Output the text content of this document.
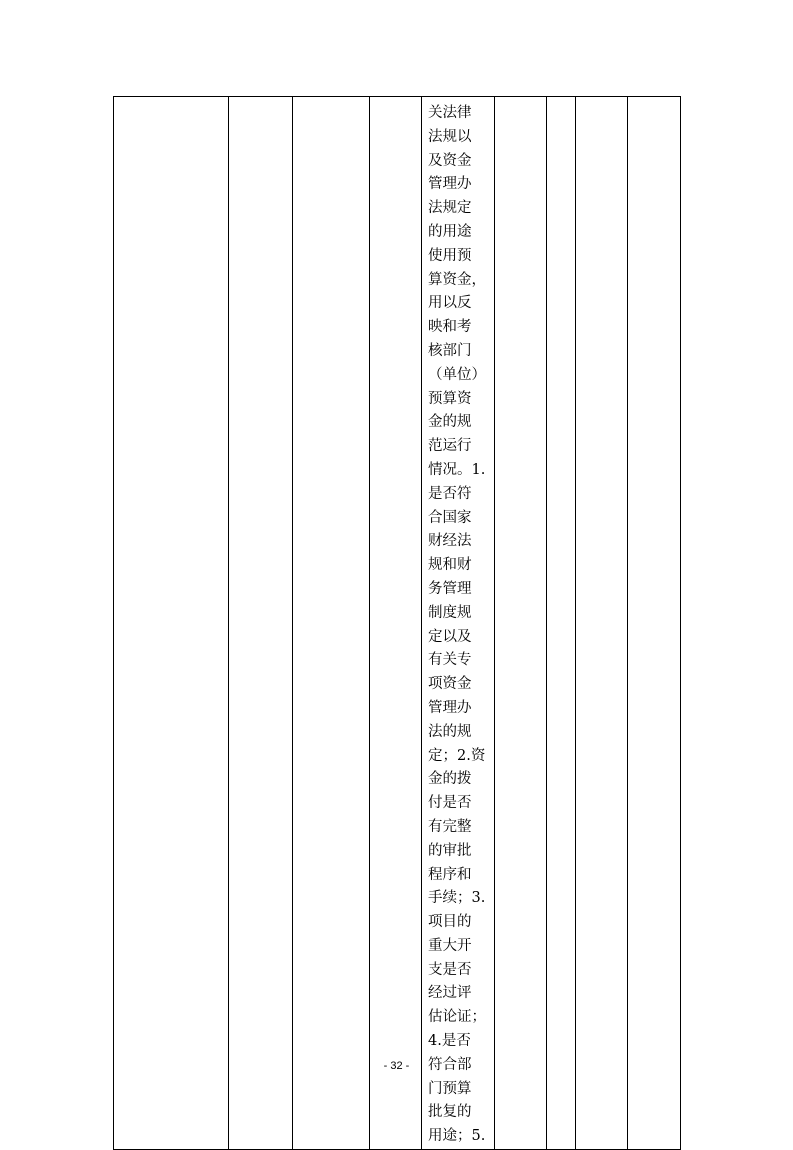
关法律
法规以
及资金
管理办
法规定
的用途
使用预
算资金，
用以反
映和考
核部门
（单位）
预算资
金的规
范运行
情况。1.
是否符
合国家
财经法
规和财
务管理
制度规
定以及
有关专
项资金
管理办
法的规
定；2.资
金的拨
付是否
有完整
的审批
程序和
手续；3.
项目的
重大开
支是否
经过评
估论证；
4.是否
符合部
门预算
批复的
用途；5.

- 32 -
